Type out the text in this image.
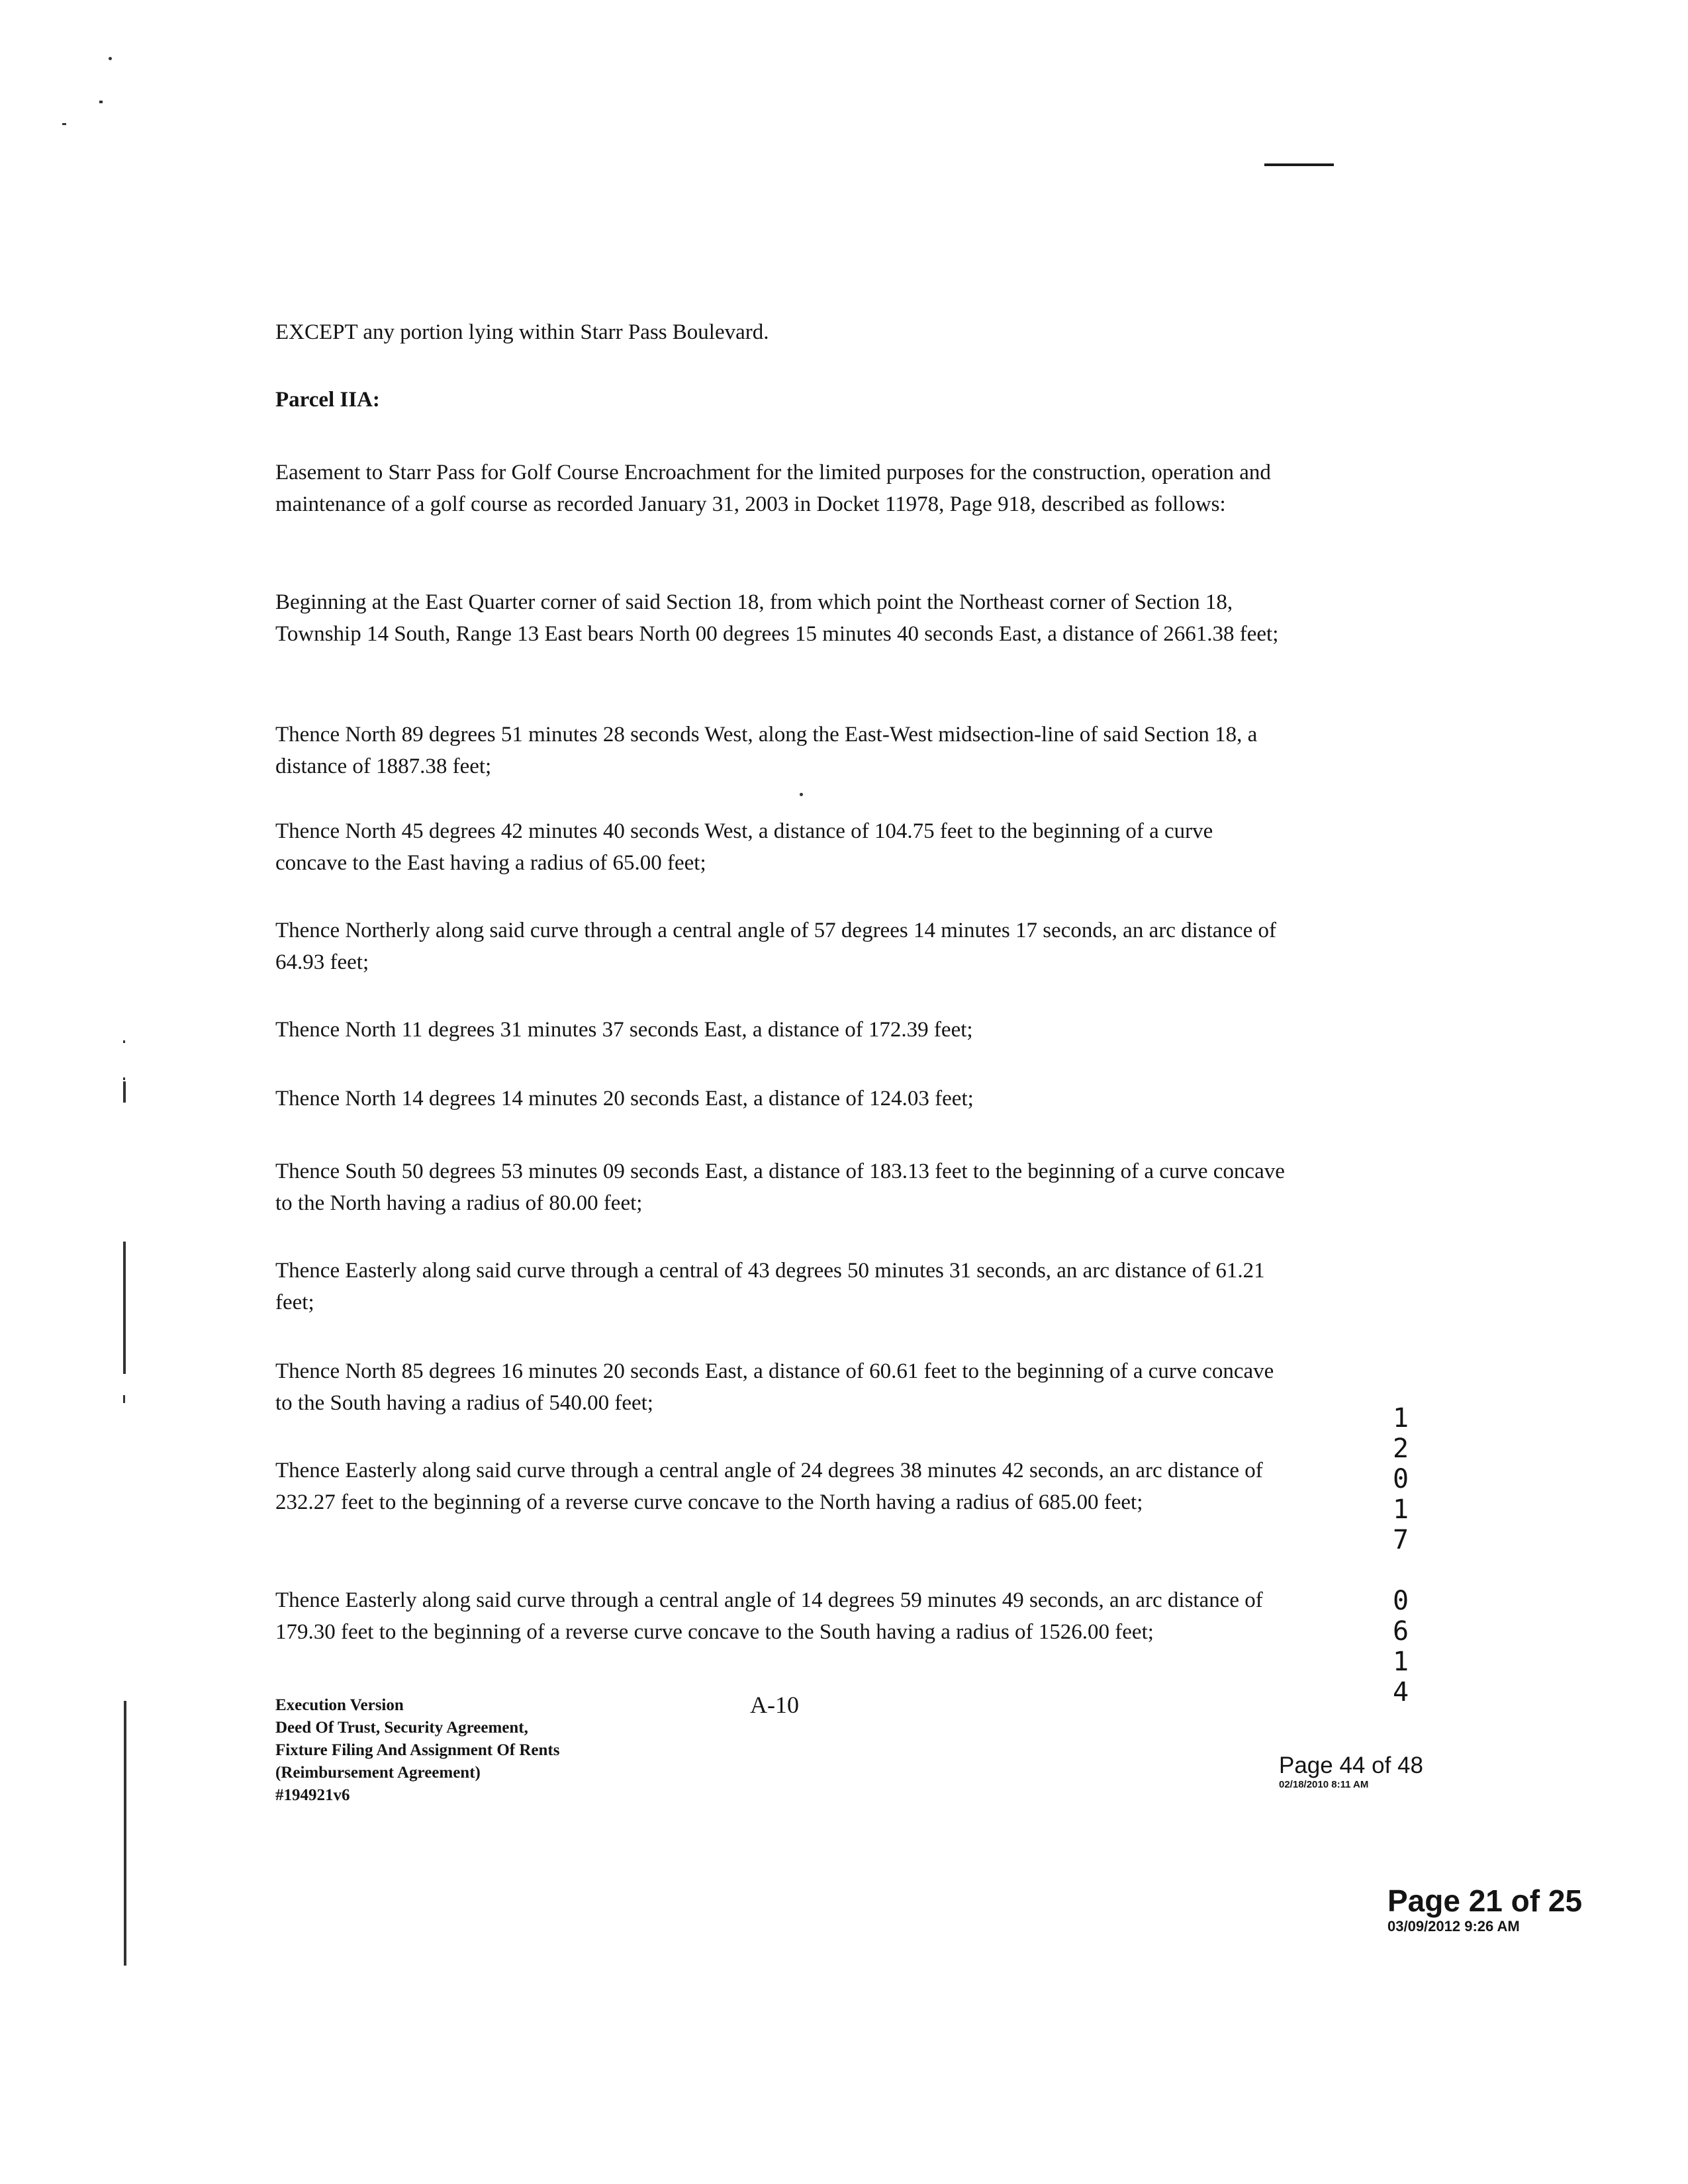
EXCEPT any portion lying within Starr Pass Boulevard.

Parcel IIA:

Easement to Starr Pass for Golf Course Encroachment for the limited purposes for the construction, operation and maintenance of a golf course as recorded January 31, 2003 in Docket 11978, Page 918, described as follows:

Beginning at the East Quarter corner of said Section 18, from which point the Northeast corner of Section 18, Township 14 South, Range 13 East bears North 00 degrees 15 minutes 40 seconds East, a distance of 2661.38 feet;

Thence North 89 degrees 51 minutes 28 seconds West, along the East-West midsection-line of said Section 18, a distance of 1887.38 feet;

Thence North 45 degrees 42 minutes 40 seconds West, a distance of 104.75 feet to the beginning of a curve concave to the East having a radius of 65.00 feet;

Thence Northerly along said curve through a central angle of 57 degrees 14 minutes 17 seconds, an arc distance of 64.93 feet;

Thence North 11 degrees 31 minutes 37 seconds East, a distance of 172.39 feet;

Thence North 14 degrees 14 minutes 20 seconds East, a distance of 124.03 feet;

Thence South 50 degrees 53 minutes 09 seconds East, a distance of 183.13 feet to the beginning of a curve concave to the North having a radius of 80.00 feet;

Thence Easterly along said curve through a central of 43 degrees 50 minutes 31 seconds, an arc distance of 61.21 feet;

Thence North 85 degrees 16 minutes 20 seconds East, a distance of 60.61 feet to the beginning of a curve concave to the South having a radius of 540.00 feet;

Thence Easterly along said curve through a central angle of 24 degrees 38 minutes 42 seconds, an arc distance of 232.27 feet to the beginning of a reverse curve concave to the North having a radius of 685.00 feet;

Thence Easterly along said curve through a central angle of 14 degrees 59 minutes 49 seconds, an arc distance of 179.30 feet to the beginning of a reverse curve concave to the South having a radius of 1526.00 feet;

1
2
0
1
7
0
6
1
4
Execution Version
Deed Of Trust, Security Agreement,
Fixture Filing And Assignment Of Rents
(Reimbursement Agreement)
#194921v6
A-10
Page 44 of 48
02/18/2010 8:11 AM
Page 21 of 25
03/09/2012 9:26 AM
